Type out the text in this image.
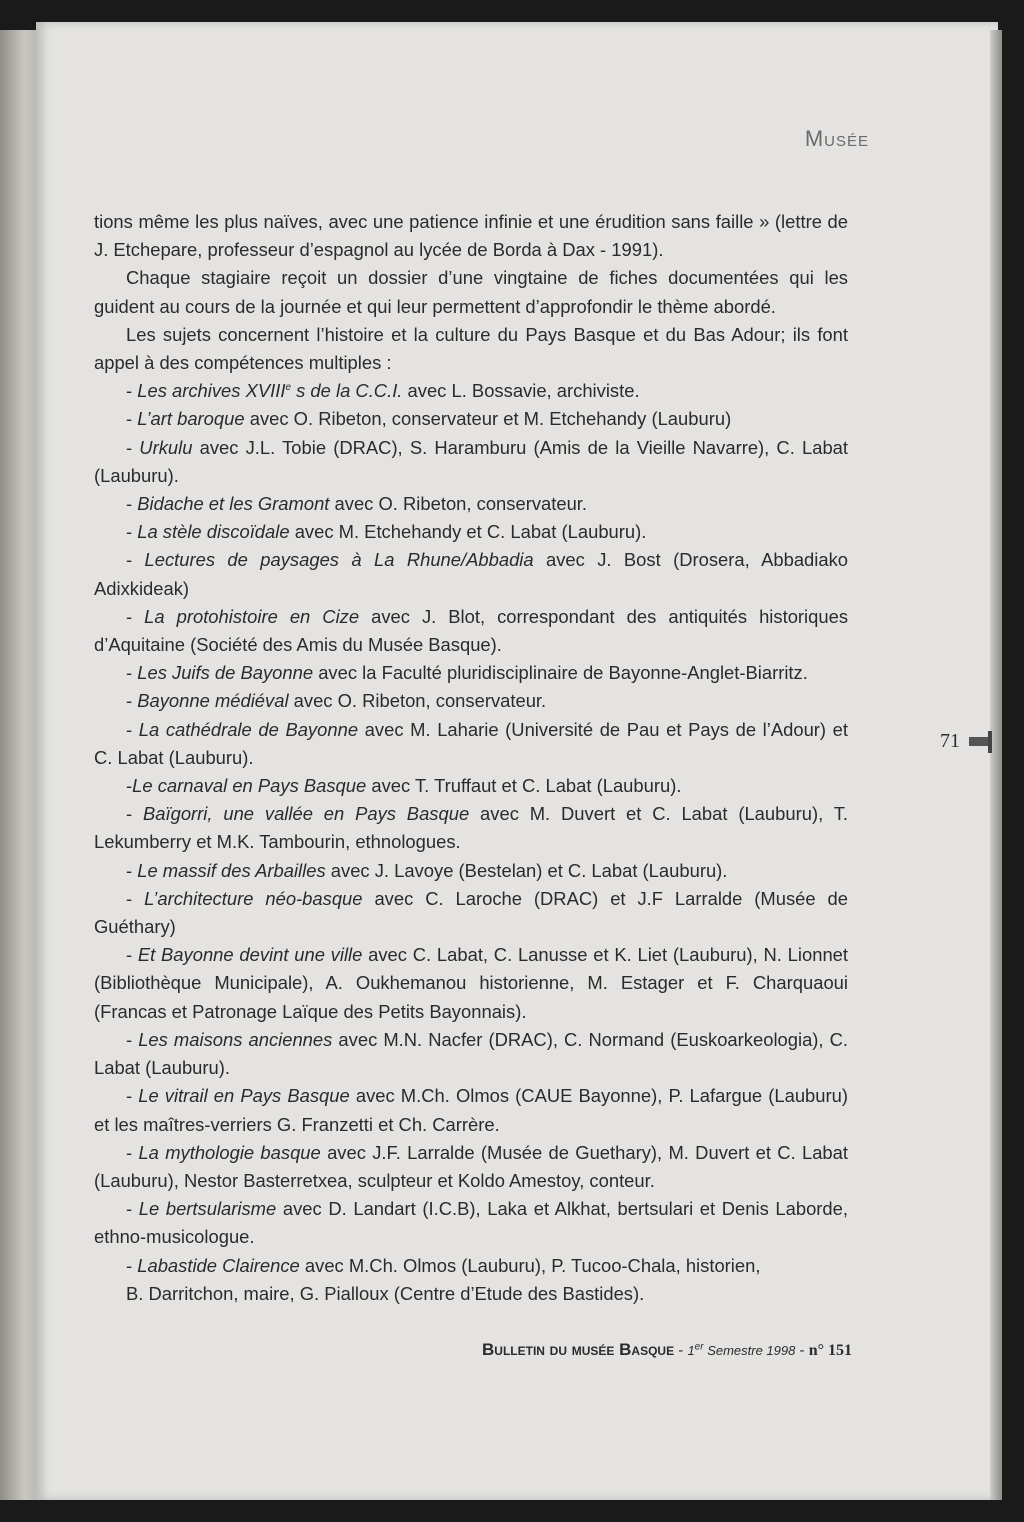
Musée

tions même les plus naïves, avec une patience infinie et une érudition sans faille » (lettre de J. Etchepare, professeur d’espagnol au lycée de Borda à Dax - 1991).

Chaque stagiaire reçoit un dossier d’une vingtaine de fiches documentées qui les guident au cours de la journée et qui leur permettent d’approfondir le thème abordé.

Les sujets concernent l’histoire et la culture du Pays Basque et du Bas Adour; ils font appel à des compétences multiples :

- Les archives XVIIIe s de la C.C.I. avec L. Bossavie, archiviste.

- L’art baroque avec O. Ribeton, conservateur et M. Etchehandy (Lauburu)

- Urkulu avec J.L. Tobie (DRAC), S. Haramburu (Amis de la Vieille Navarre), C. Labat (Lauburu).

- Bidache et les Gramont avec O. Ribeton, conservateur.

- La stèle discoïdale avec M. Etchehandy et C. Labat (Lauburu).

- Lectures de paysages à La Rhune/Abbadia avec J. Bost (Drosera, Abbadiako Adixkideak)

- La protohistoire en Cize avec J. Blot, correspondant des antiquités historiques d’Aquitaine (Société des Amis du Musée Basque).

- Les Juifs de Bayonne avec la Faculté pluridisciplinaire de Bayonne-Anglet-Biarritz.

- Bayonne médiéval avec O. Ribeton, conservateur.

- La cathédrale de Bayonne avec M. Laharie (Université de Pau et Pays de l’Adour) et C. Labat (Lauburu).

-Le carnaval en Pays Basque avec T. Truffaut et C. Labat (Lauburu).

- Baïgorri, une vallée en Pays Basque avec M. Duvert et C. Labat (Lauburu), T. Lekumberry et M.K. Tambourin, ethnologues.

- Le massif des Arbailles avec J. Lavoye (Bestelan) et C. Labat (Lauburu).

- L’architecture néo-basque avec C. Laroche (DRAC) et J.F Larralde (Musée de Guéthary)

- Et Bayonne devint une ville avec C. Labat, C. Lanusse et K. Liet (Lauburu), N. Lionnet (Bibliothèque Municipale), A. Oukhemanou historienne, M. Estager et F. Charquaoui (Francas et Patronage Laïque des Petits Bayonnais).

- Les maisons anciennes avec M.N. Nacfer (DRAC), C. Normand (Euskoarkeologia), C. Labat (Lauburu).

- Le vitrail en Pays Basque avec M.Ch. Olmos (CAUE Bayonne), P. Lafargue (Lauburu) et les maîtres-verriers G. Franzetti et Ch. Carrère.

- La mythologie basque avec J.F. Larralde (Musée de Guethary), M. Duvert et C. Labat (Lauburu), Nestor Basterretxea, sculpteur et Koldo Amestoy, conteur.

- Le bertsularisme avec D. Landart (I.C.B), Laka et Alkhat, bertsulari et Denis Laborde, ethno-musicologue.

- Labastide Clairence avec M.Ch. Olmos (Lauburu), P. Tucoo-Chala, historien,

B. Darritchon, maire, G. Pialloux (Centre d’Etude des Bastides).

71
Bulletin du musée Basque - 1er Semestre 1998 - n° 151
